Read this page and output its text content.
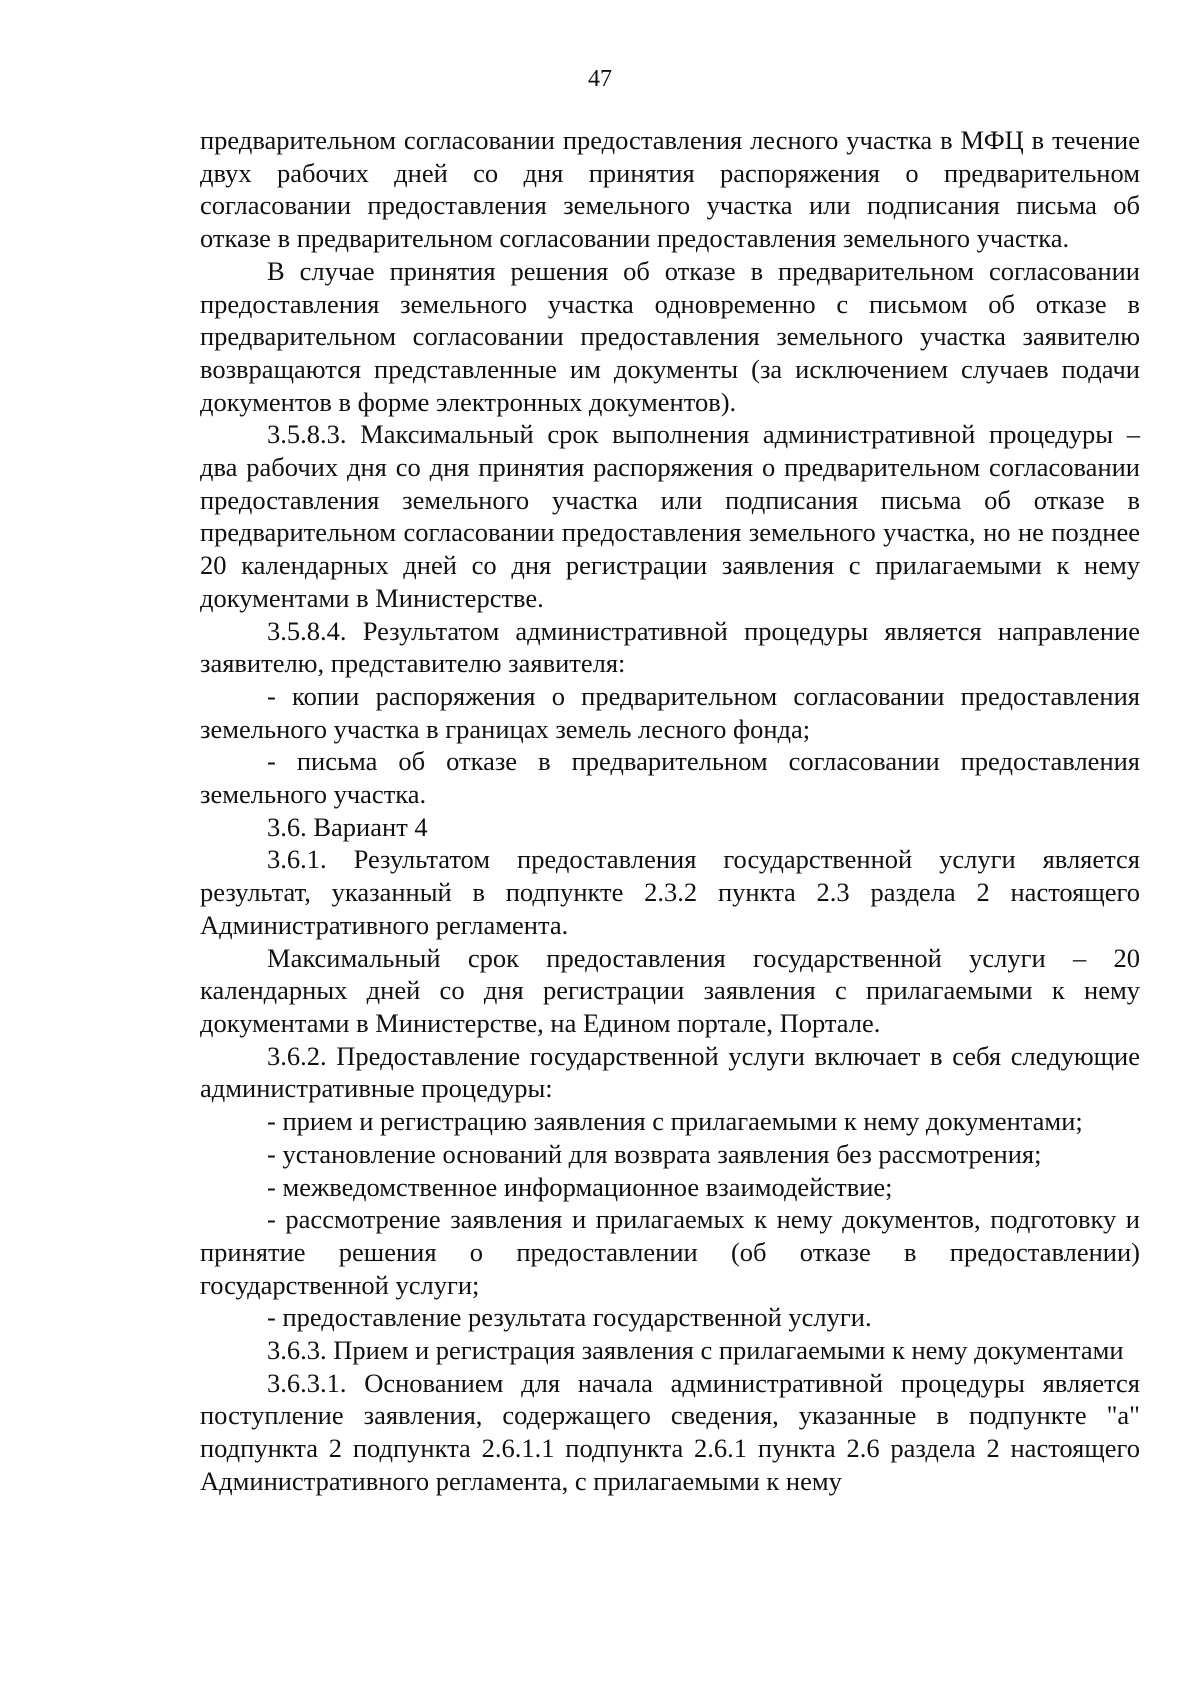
47

предварительном согласовании предоставления лесного участка в МФЦ в течение двух рабочих дней со дня принятия распоряжения о предварительном согласовании предоставления земельного участка или подписания письма об отказе в предварительном согласовании предоставления земельного участка.

В случае принятия решения об отказе в предварительном согласовании предоставления земельного участка одновременно с письмом об отказе в предварительном согласовании предоставления земельного участка заявителю возвращаются представленные им документы (за исключением случаев подачи документов в форме электронных документов).

3.5.8.3. Максимальный срок выполнения административной процедуры – два рабочих дня со дня принятия распоряжения о предварительном согласовании предоставления земельного участка или подписания письма об отказе в предварительном согласовании предоставления земельного участка, но не позднее 20 календарных дней со дня регистрации заявления с прилагаемыми к нему документами в Министерстве.

3.5.8.4. Результатом административной процедуры является направление заявителю, представителю заявителя:

- копии распоряжения о предварительном согласовании предоставления земельного участка в границах земель лесного фонда;

- письма об отказе в предварительном согласовании предоставления земельного участка.

3.6. Вариант 4

3.6.1. Результатом предоставления государственной услуги является результат, указанный в подпункте 2.3.2 пункта 2.3 раздела 2 настоящего Административного регламента.

Максимальный срок предоставления государственной услуги – 20 календарных дней со дня регистрации заявления с прилагаемыми к нему документами в Министерстве, на Едином портале, Портале.

3.6.2. Предоставление государственной услуги включает в себя следующие административные процедуры:

- прием и регистрацию заявления с прилагаемыми к нему документами;

- установление оснований для возврата заявления без рассмотрения;

- межведомственное информационное взаимодействие;

- рассмотрение заявления и прилагаемых к нему документов, подготовку и принятие решения о предоставлении (об отказе в предоставлении) государственной услуги;

- предоставление результата государственной услуги.

3.6.3. Прием и регистрация заявления с прилагаемыми к нему документами

3.6.3.1. Основанием для начала административной процедуры является поступление заявления, содержащего сведения, указанные в подпункте "а" подпункта 2 подпункта 2.6.1.1 подпункта 2.6.1 пункта 2.6 раздела 2 настоящего Административного регламента, с прилагаемыми к нему
